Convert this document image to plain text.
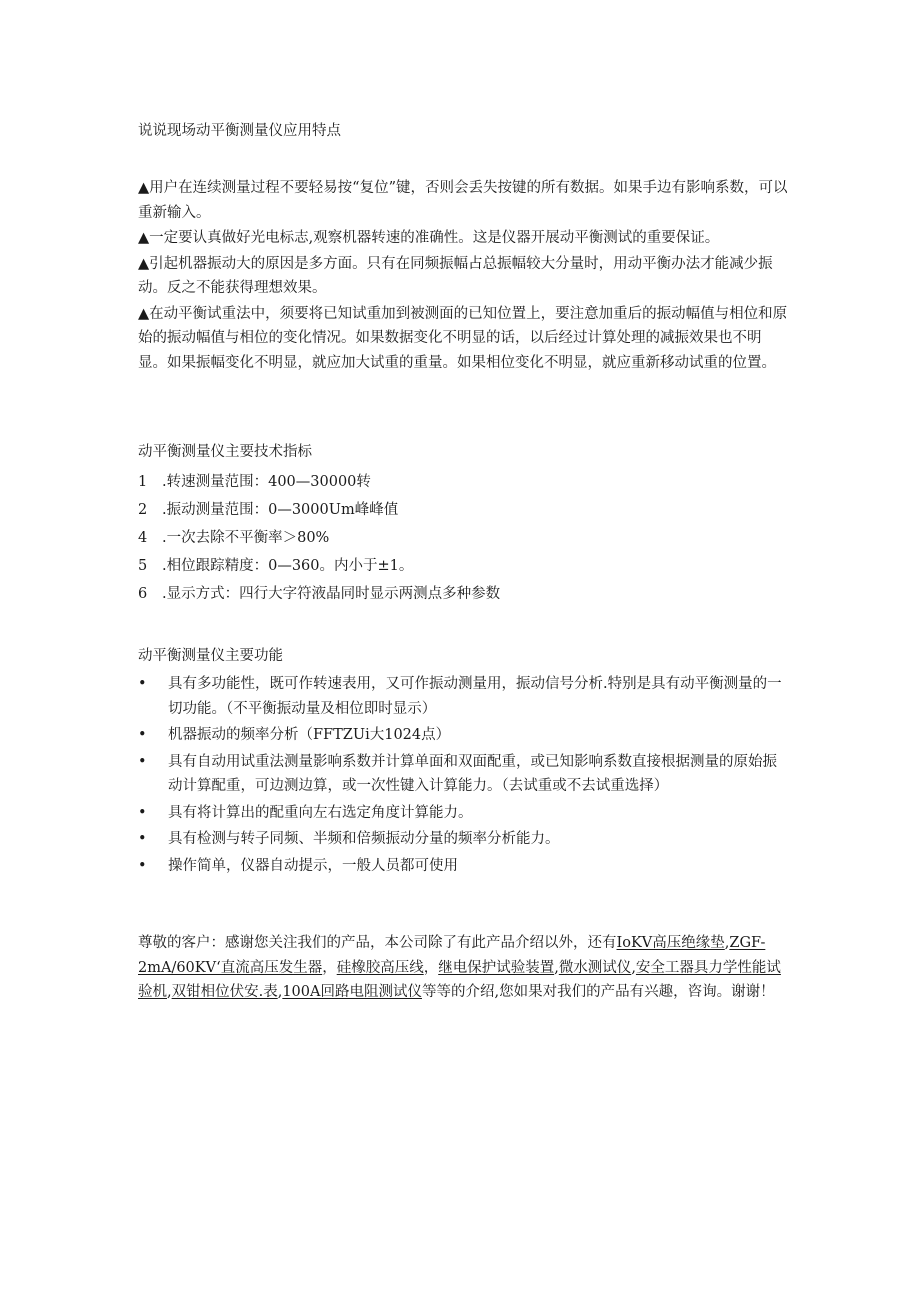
说说现场动平衡测量仪应用特点

▲用户在连续测量过程不要轻易按“复位”键，否则会丢失按键的所有数据。如果手边有影响系数，可以重新输入。

▲一定要认真做好光电标志,观察机器转速的准确性。这是仪器开展动平衡测试的重要保证。

▲引起机器振动大的原因是多方面。只有在同频振幅占总振幅较大分量时，用动平衡办法才能减少振动。反之不能获得理想效果。

▲在动平衡试重法中，须要将已知试重加到被测面的已知位置上，要注意加重后的振动幅值与相位和原始的振动幅值与相位的变化情况。如果数据变化不明显的话，以后经过计算处理的减振效果也不明显。如果振幅变化不明显，就应加大试重的重量。如果相位变化不明显，就应重新移动试重的位置。

动平衡测量仪主要技术指标
1	.转速测量范围：400—30000转
2	.振动测量范围：0—3000Um峰峰值
4	.一次去除不平衡率＞80%
5	.相位跟踪精度：0—360。内小于±1。
6	.显示方式：四行大字符液晶同时显示两测点多种参数
动平衡测量仪主要功能

• 具有多功能性，既可作转速表用，又可作振动测量用，振动信号分析.特别是具有动平衡测量的一切功能。（不平衡振动量及相位即时显示）

• 机器振动的频率分析（FFTZUi大1024点）

• 具有自动用试重法测量影响系数并计算单面和双面配重，或已知影响系数直接根据测量的原始振动计算配重，可边测边算，或一次性键入计算能力。（去试重或不去试重选择）

• 具有将计算出的配重向左右选定角度计算能力。

• 具有检测与转子同频、半频和倍频振动分量的频率分析能力。

• 操作简单，仪器自动提示，一般人员都可使用

尊敬的客户：感谢您关注我们的产品，本公司除了有此产品介绍以外，还有IoKV高压绝缘垫,ZGF-2mA/60KV‘直流高压发生器，硅橡胶高压线，继电保护试验装置,微水测试仪,安全工器具力学性能试验机,双钳相位伏安.表,100A回路电阻测试仪等等的介绍,您如果对我们的产品有兴趣，咨询。谢谢！
